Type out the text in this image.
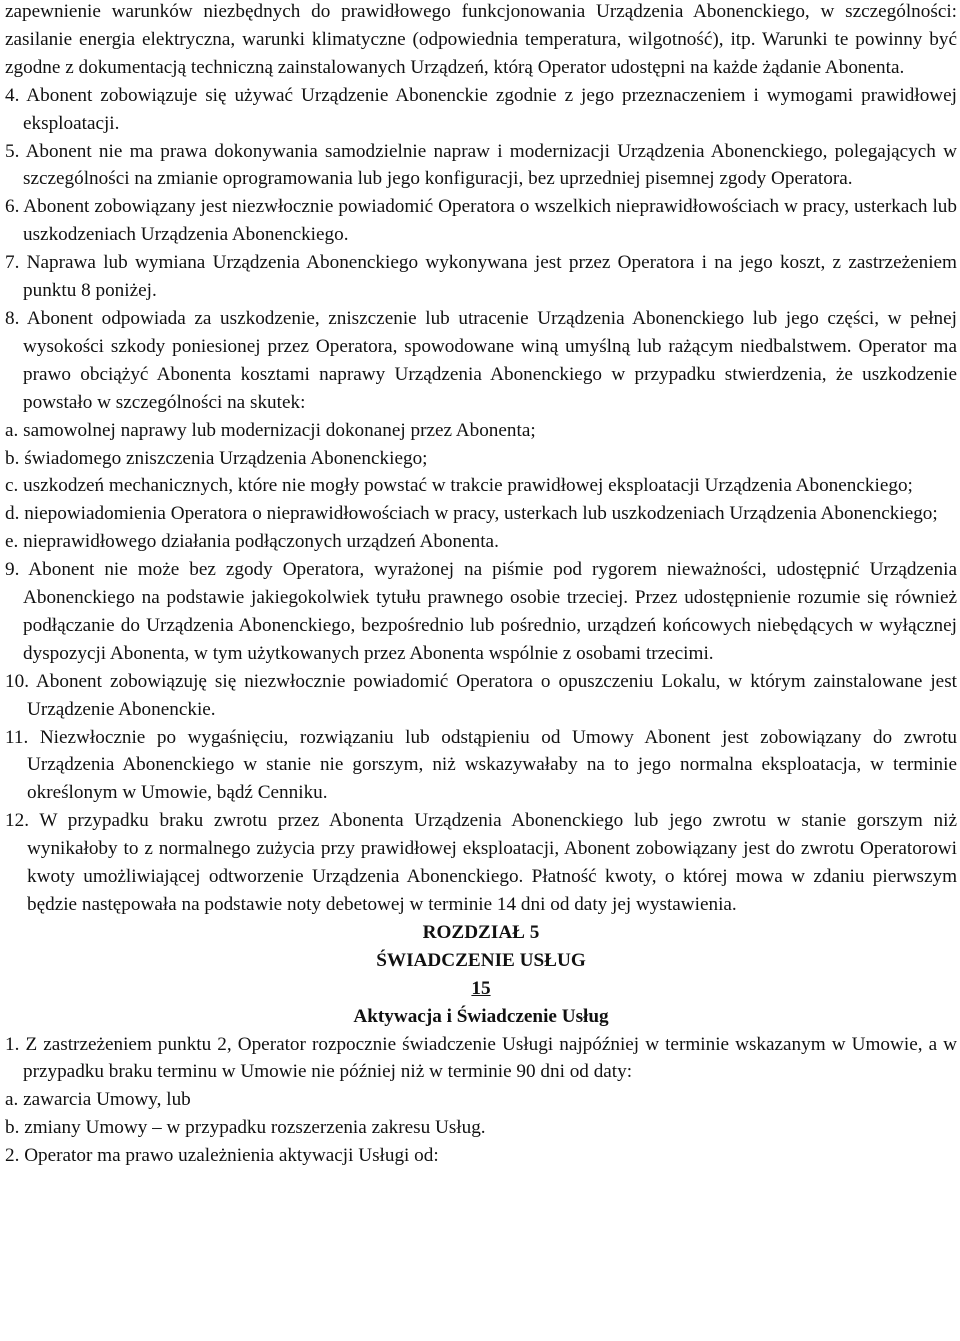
zapewnienie warunków niezbędnych do prawidłowego funkcjonowania Urządzenia Abonenckiego, w szczególności: zasilanie energia elektryczna, warunki klimatyczne (odpowiednia temperatura, wilgotność), itp. Warunki te powinny być zgodne z dokumentacją techniczną zainstalowanych Urządzeń, którą Operator udostępni na każde żądanie Abonenta.

4. Abonent zobowiązuje się używać Urządzenie Abonenckie zgodnie z jego przeznaczeniem i wymogami prawidłowej eksploatacji.

5. Abonent nie ma prawa dokonywania samodzielnie napraw i modernizacji Urządzenia Abonenckiego, polegających w szczególności na zmianie oprogramowania lub jego konfiguracji, bez uprzedniej pisemnej zgody Operatora.

6. Abonent zobowiązany jest niezwłocznie powiadomić Operatora o wszelkich nieprawidłowościach w pracy, usterkach lub uszkodzeniach Urządzenia Abonenckiego.

7. Naprawa lub wymiana Urządzenia Abonenckiego wykonywana jest przez Operatora i na jego koszt, z zastrzeżeniem punktu 8 poniżej.

8. Abonent odpowiada za uszkodzenie, zniszczenie lub utracenie Urządzenia Abonenckiego lub jego części, w pełnej wysokości szkody poniesionej przez Operatora, spowodowane winą umyślną lub rażącym niedbalstwem. Operator ma prawo obciążyć Abonenta kosztami naprawy Urządzenia Abonenckiego w przypadku stwierdzenia, że uszkodzenie powstało w szczególności na skutek:

a. samowolnej naprawy lub modernizacji dokonanej przez Abonenta;

b. świadomego zniszczenia Urządzenia Abonenckiego;

c. uszkodzeń mechanicznych, które nie mogły powstać w trakcie prawidłowej eksploatacji Urządzenia Abonenckiego;

d. niepowiadomienia Operatora o nieprawidłowościach w pracy, usterkach lub uszkodzeniach Urządzenia Abonenckiego;

e. nieprawidłowego działania podłączonych urządzeń Abonenta.

9. Abonent nie może bez zgody Operatora, wyrażonej na piśmie pod rygorem nieważności, udostępnić Urządzenia Abonenckiego na podstawie jakiegokolwiek tytułu prawnego osobie trzeciej. Przez udostępnienie rozumie się również podłączanie do Urządzenia Abonenckiego, bezpośrednio lub pośrednio, urządzeń końcowych niebędących w wyłącznej dyspozycji Abonenta, w tym użytkowanych przez Abonenta wspólnie z osobami trzecimi.

10. Abonent zobowiązuję się niezwłocznie powiadomić Operatora o opuszczeniu Lokalu, w którym zainstalowane jest Urządzenie Abonenckie.

11. Niezwłocznie po wygaśnięciu, rozwiązaniu lub odstąpieniu od Umowy Abonent jest zobowiązany do zwrotu Urządzenia Abonenckiego w stanie nie gorszym, niż wskazywałaby na to jego normalna eksploatacja, w terminie określonym w Umowie, bądź Cenniku.

12. W przypadku braku zwrotu przez Abonenta Urządzenia Abonenckiego lub jego zwrotu w stanie gorszym niż wynikałoby to z normalnego zużycia przy prawidłowej eksploatacji, Abonent zobowiązany jest do zwrotu Operatorowi kwoty umożliwiającej odtworzenie Urządzenia Abonenckiego. Płatność kwoty, o której mowa w zdaniu pierwszym będzie następowała na podstawie noty debetowej w terminie 14 dni od daty jej wystawienia.

ROZDZIAŁ 5

ŚWIADCZENIE USŁUG

15

Aktywacja i Świadczenie Usług

1. Z zastrzeżeniem punktu 2, Operator rozpocznie świadczenie Usługi najpóźniej w terminie wskazanym w Umowie, a w przypadku braku terminu w Umowie nie później niż w terminie 90 dni od daty:

a. zawarcia Umowy, lub

b. zmiany Umowy – w przypadku rozszerzenia zakresu Usług.

2. Operator ma prawo uzależnienia aktywacji Usługi od:
